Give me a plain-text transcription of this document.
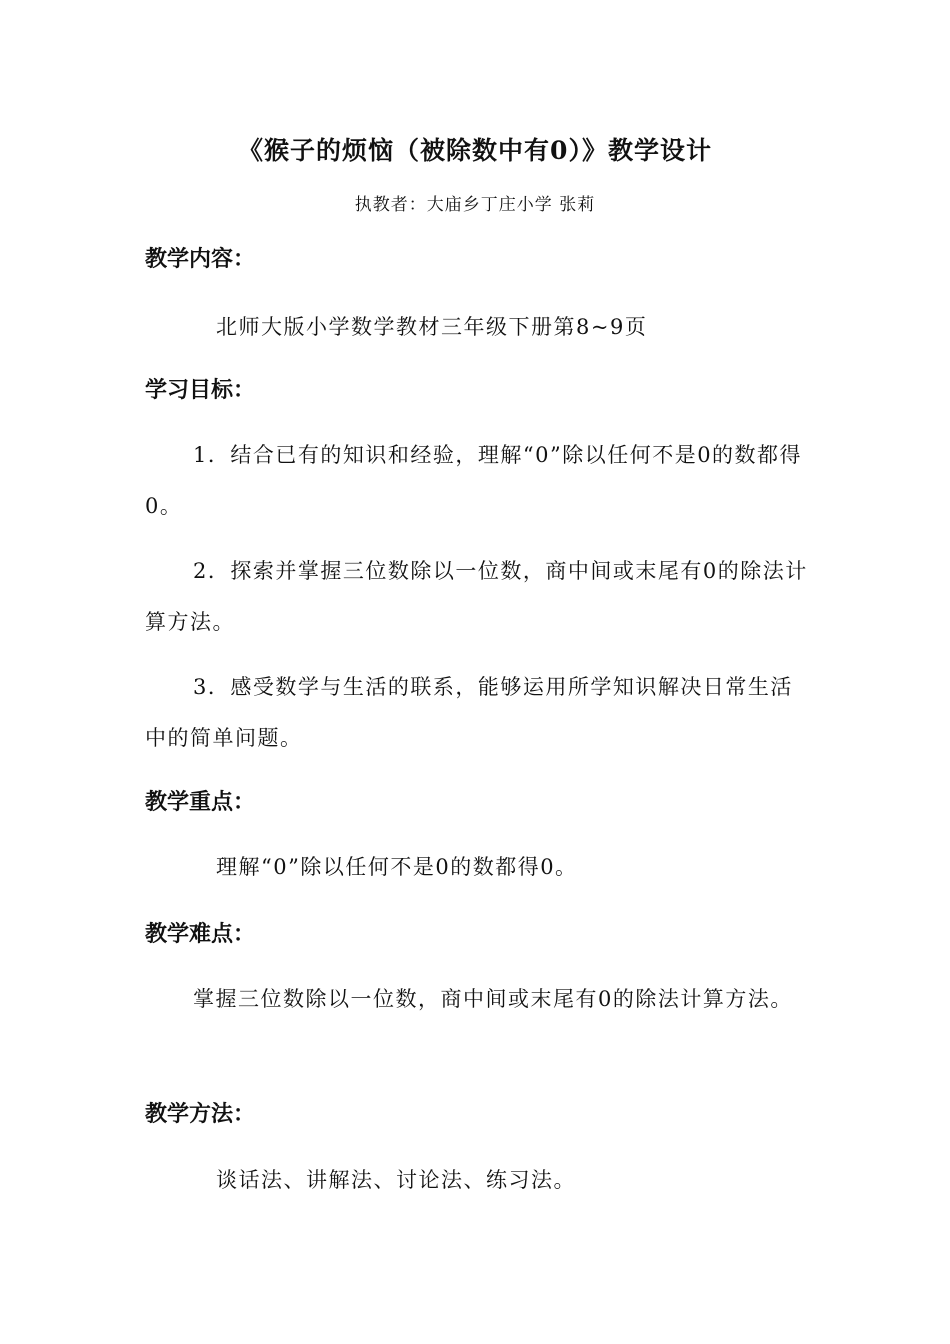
《猴子的烦恼（被除数中有0）》教学设计
执教者：大庙乡丁庄小学 张莉
教学内容：
北师大版小学数学教材三年级下册第8~9页
学习目标：
1．结合已有的知识和经验，理解“0”除以任何不是0的数都得0。
2．探索并掌握三位数除以一位数，商中间或末尾有0的除法计算方法。
3．感受数学与生活的联系，能够运用所学知识解决日常生活中的简单问题。
教学重点：
理解“0”除以任何不是0的数都得0。
教学难点：
掌握三位数除以一位数，商中间或末尾有0的除法计算方法。
教学方法：
谈话法、讲解法、讨论法、练习法。
